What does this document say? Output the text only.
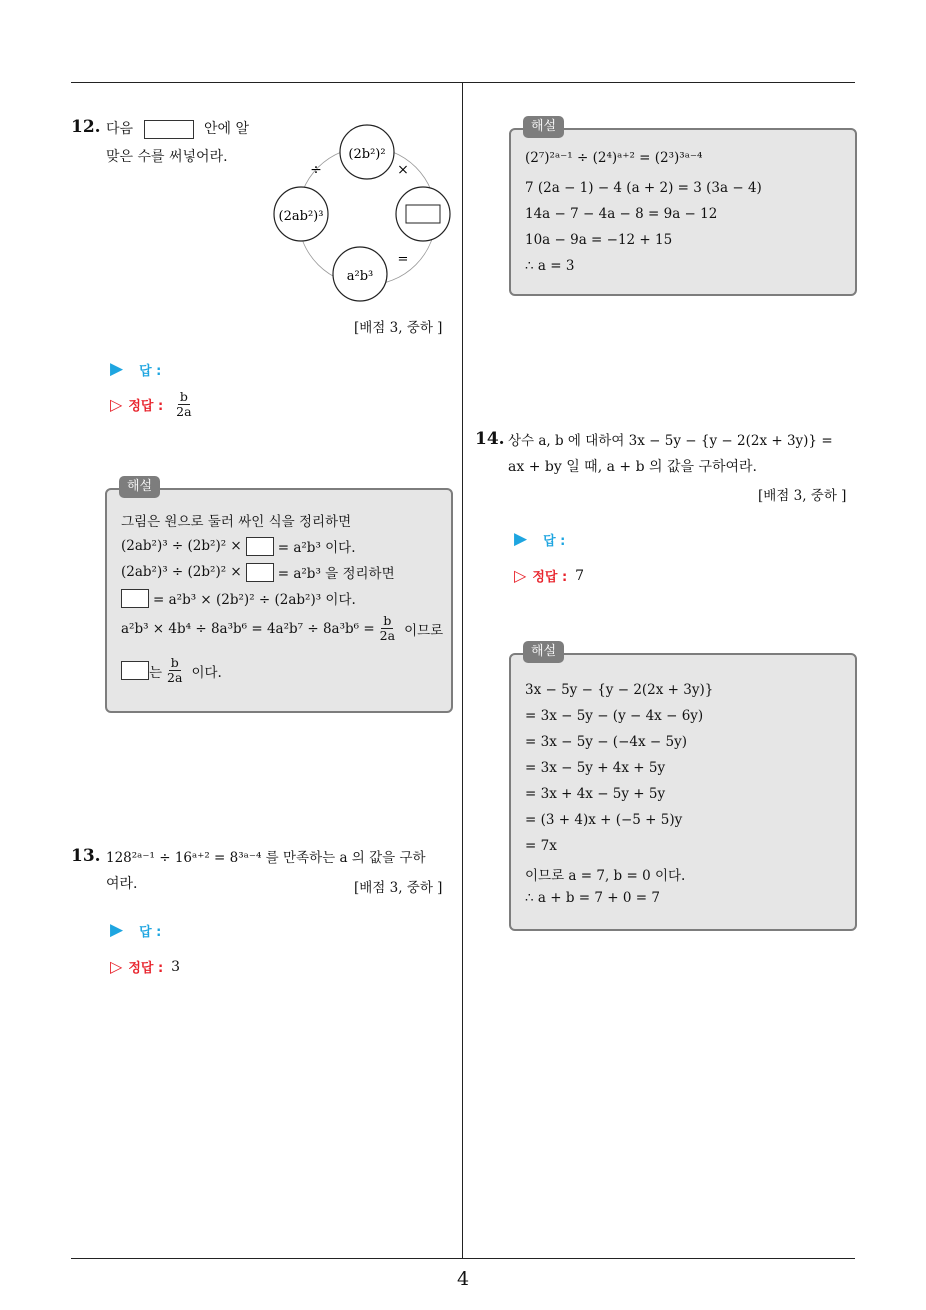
4
12. 다음	안에 알
맞은 수를 써넣어라.	(2b²)²
(2ab²)³
a²b³
÷	×
=
[배점 3, 중하 ]
▶ 답 :
▷ 정답 : $\frac{b}{2a}$
해설
그림은 원으로 둘러 싸인 식을 정리하면
(2ab²)³ ÷ (2b²)² ×	= a²b³ 이다.
(2ab²)³ ÷ (2b²)² ×	= a²b³ 을 정리하면
= a²b³ × (2b²)² ÷ (2ab²)³ 이다.
$a^2b^3 \times 4b^4 \div 8a^3b^6 = 4a^2b^7 \div 8a^3b^6 = \frac{b}{2a}$ 이므로
는 $\frac{b}{2a}$ 이다.
13. 128²ᵃ⁻¹ ÷ 16ᵃ⁺² = 8³ᵃ⁻⁴ 를 만족하는 a 의 값을 구하
여라.	[배점 3, 중하 ]
▶ 답 :
▷ 정답 : 3
해설
(2⁷)²ᵃ⁻¹ ÷ (2⁴)ᵃ⁺² = (2³)³ᵃ⁻⁴
7 (2a − 1) − 4 (a + 2) = 3 (3a − 4)
14a − 7 − 4a − 8 = 9a − 12
10a − 9a = −12 + 15
∴ a = 3
14. 상수 a, b 에 대하여 3x − 5y − {y − 2(2x + 3y)} =
ax + by 일 때, a + b 의 값을 구하여라.
[배점 3, 중하 ]
▶ 답 :
▷ 정답 : 7
해설
3x − 5y − {y − 2(2x + 3y)}
= 3x − 5y − (y − 4x − 6y)
= 3x − 5y − (−4x − 5y)
= 3x − 5y + 4x + 5y
= 3x + 4x − 5y + 5y
= (3 + 4)x + (−5 + 5)y
= 7x
이므로 a = 7, b = 0 이다.
∴ a + b = 7 + 0 = 7
